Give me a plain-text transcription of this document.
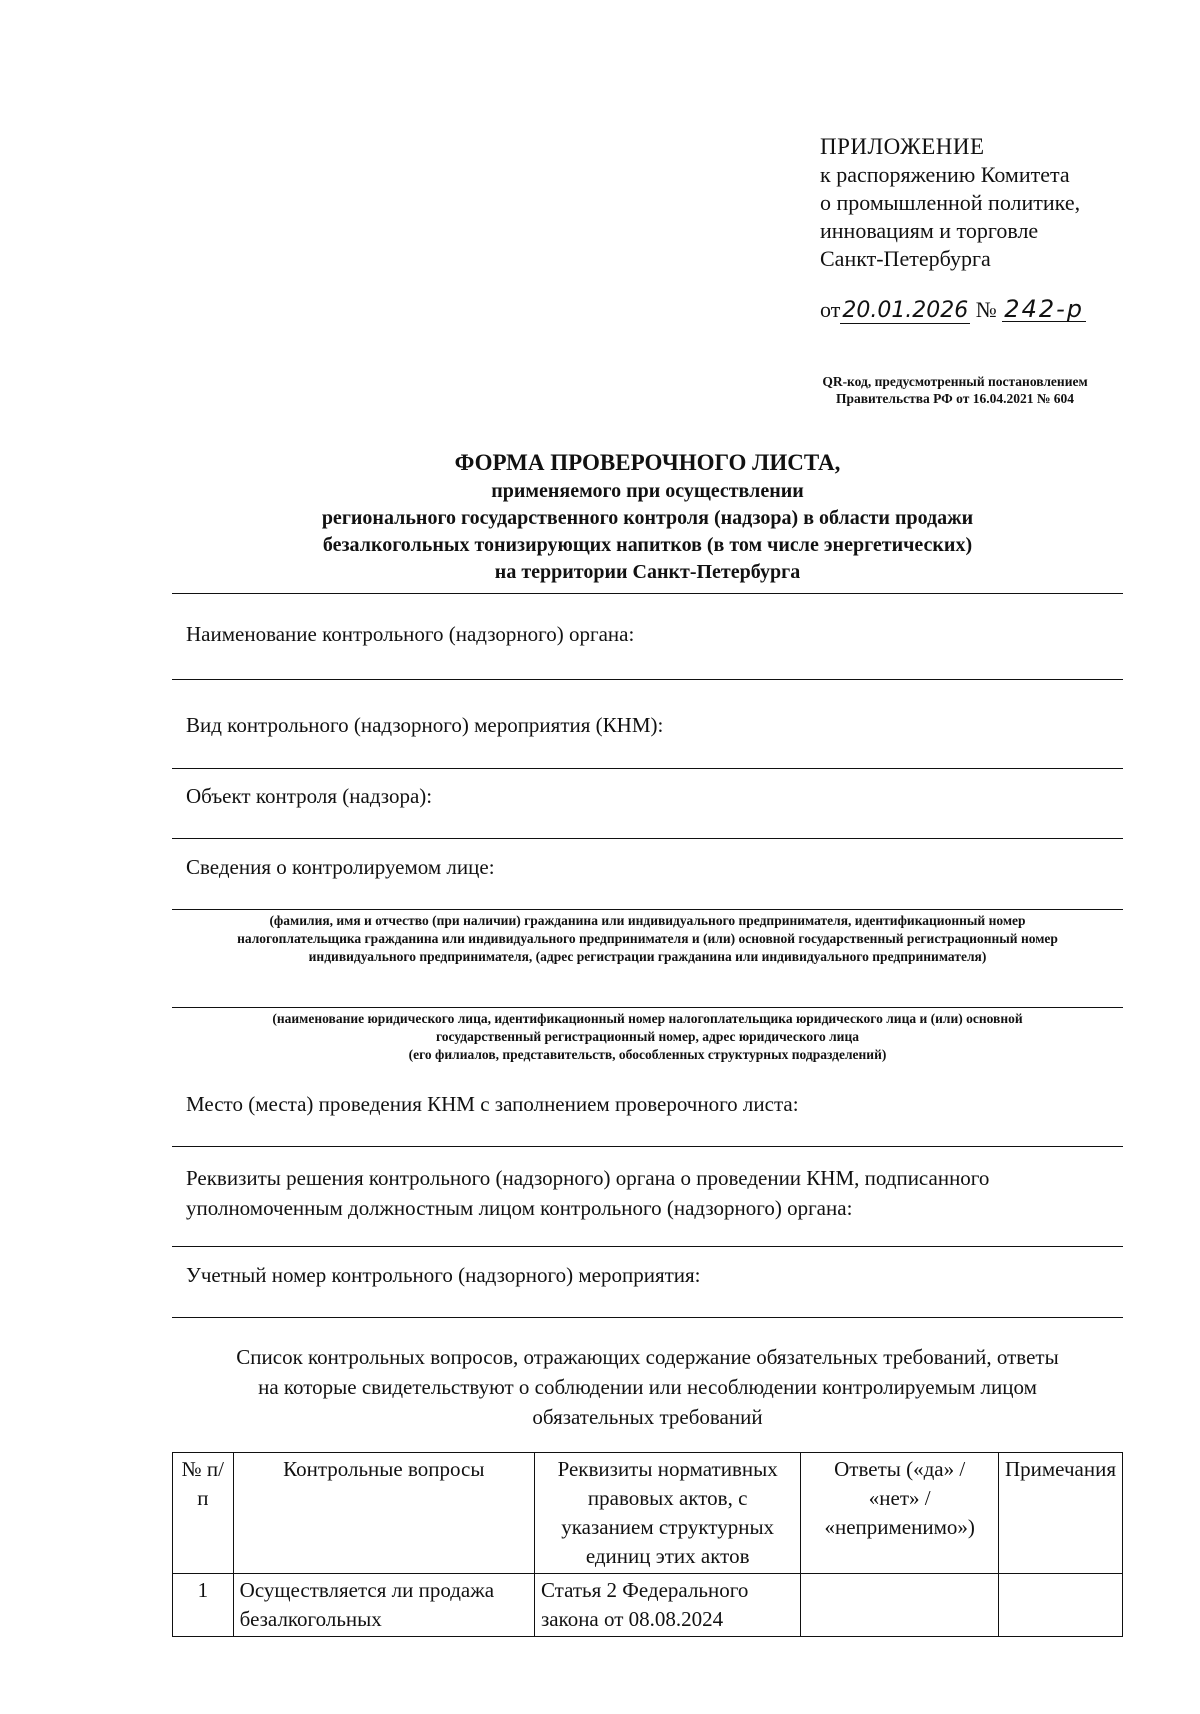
ПРИЛОЖЕНИЕ
к распоряжению Комитета
о промышленной политике,
инновациям и торговле
Санкт-Петербурга
от20.01.2026 № 242-р
QR-код, предусмотренный постановлением
Правительства РФ от 16.04.2021 № 604
ФОРМА ПРОВЕРОЧНОГО ЛИСТА,
применяемого при осуществлении
регионального государственного контроля (надзора) в области продажи
безалкогольных тонизирующих напитков (в том числе энергетических)
на территории Санкт-Петербурга
Наименование контрольного (надзорного) органа:
Вид контрольного (надзорного) мероприятия (КНМ):
Объект контроля (надзора):
Сведения о контролируемом лице:
(фамилия, имя и отчество (при наличии) гражданина или индивидуального предпринимателя, идентификационный номер
налогоплательщика гражданина или индивидуального предпринимателя и (или) основной государственный регистрационный номер
индивидуального предпринимателя, (адрес регистрации гражданина или индивидуального предпринимателя)
(наименование юридического лица, идентификационный номер налогоплательщика юридического лица и (или) основной
государственный регистрационный номер, адрес юридического лица
(его филиалов, представительств, обособленных структурных подразделений)
Место (места) проведения КНМ с заполнением проверочного листа:
Реквизиты решения контрольного (надзорного) органа о проведении КНМ, подписанного уполномоченным должностным лицом контрольного (надзорного) органа:
Учетный номер контрольного (надзорного) мероприятия:
Список контрольных вопросов, отражающих содержание обязательных требований, ответы
на которые свидетельствуют о соблюдении или несоблюдении контролируемым лицом
обязательных требований
№ п/п	Контрольные вопросы	Реквизиты нормативных правовых актов, с указанием структурных единиц этих актов	Ответы («да» / «нет» / «неприменимо»)	Примечания
1	Осуществляется ли продажа безалкогольных	Статья 2 Федерального закона от 08.08.2024		
